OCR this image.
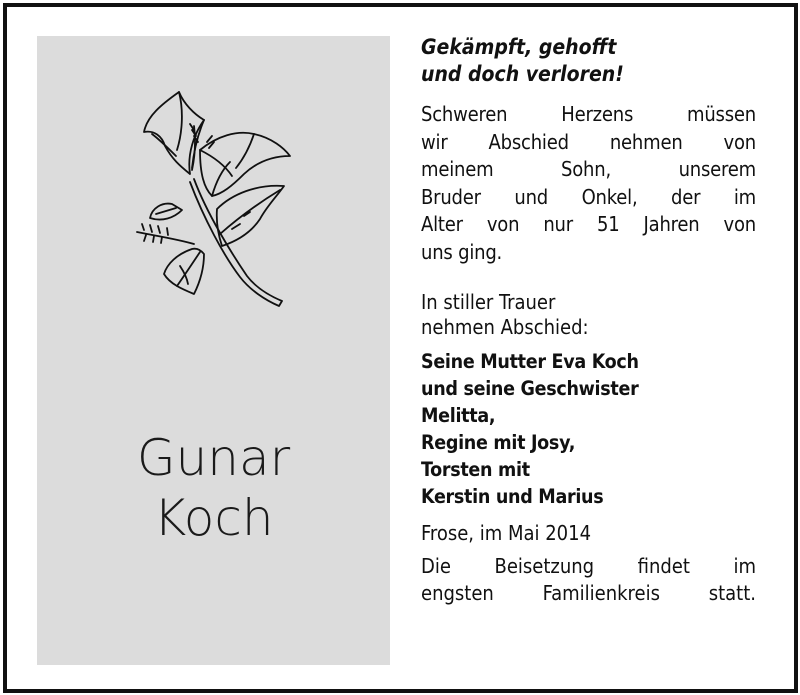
Gunar
Koch

Gekämpft, gehofft
und doch verloren!

Schweren Herzens müssen
wir Abschied nehmen von
meinem Sohn, unserem
Bruder und Onkel, der im
Alter von nur 51 Jahren von
uns ging.
In stiller Trauer
nehmen Abschied:
Seine Mutter Eva Koch
und seine Geschwister
Melitta,
Regine mit Josy,
Torsten mit
Kerstin und Marius
Frose, im Mai 2014
Die Beisetzung findet im
engsten Familienkreis statt.
